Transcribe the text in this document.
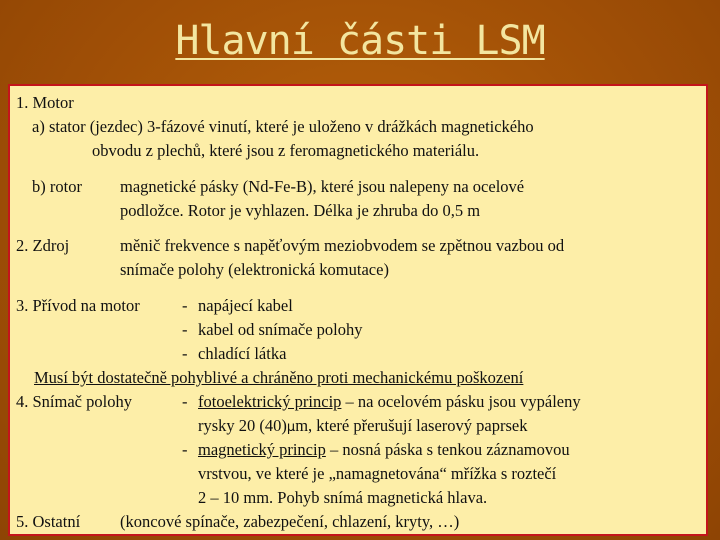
Hlavní části LSM
1. Motor
a) stator (jezdec) 3-fázové vinutí, které je uloženo v drážkách magnetického
obvodu z plechů, které jsou z feromagnetického materiálu.
b) rotor magnetické pásky (Nd-Fe-B), které jsou nalepeny na ocelové
podložce. Rotor je vyhlazen. Délka je zhruba do 0,5 m
2. Zdroj	měnič frekvence s napěťovým meziobvodem se zpětnou vazbou od
snímače polohy (elektronická komutace)
3. Přívod na motor	- napájecí kabel
- kabel od snímače polohy
- chladící látka
Musí být dostatečně pohyblivé a chráněno proti mechanickému poškození
4. Snímač polohy	- fotoelektrický princip – na ocelovém pásku jsou vypáleny
rysky 20 (40)μm, které přerušují laserový paprsek
- magnetický princip – nosná páska s tenkou záznamovou
vrstvou, ve které je „namagnetována“ mřížka s roztečí
2 – 10 mm. Pohyb snímá magnetická hlava.
5. Ostatní (koncové spínače, zabezpečení, chlazení, kryty, …)
